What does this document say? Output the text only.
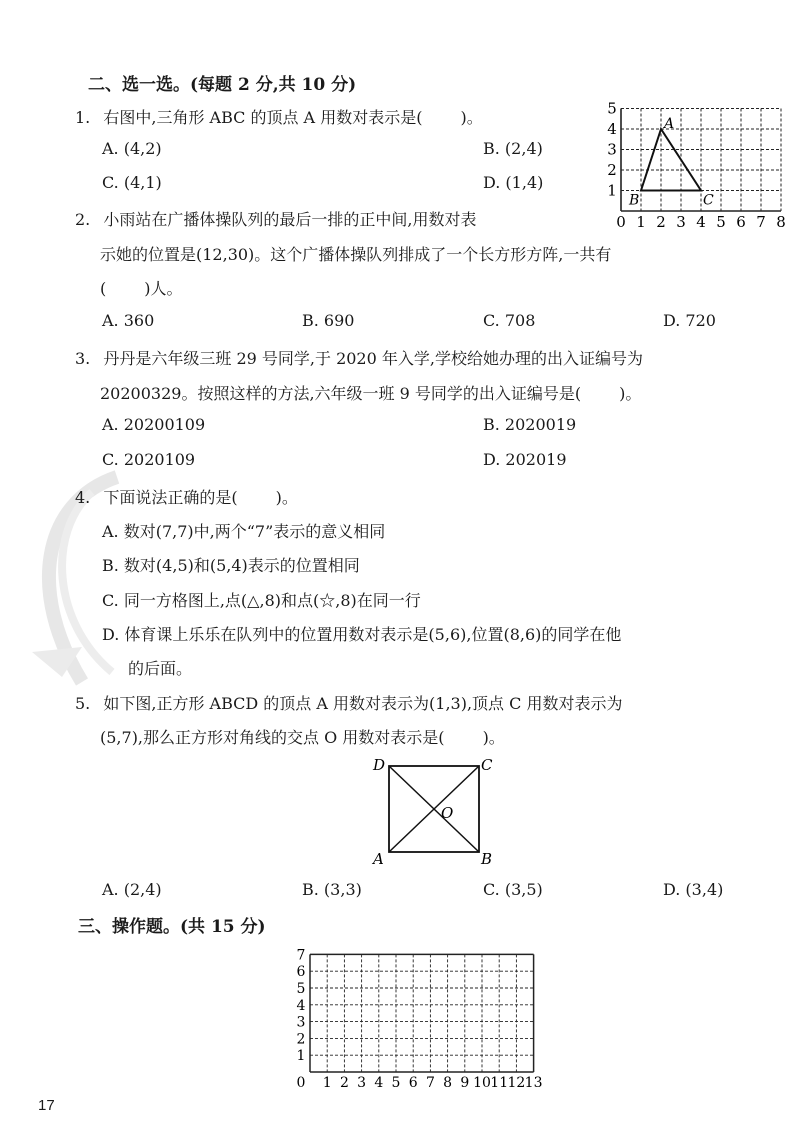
二、选一选。(每题 2 分,共 10 分)
1. 右图中,三角形 ABC 的顶点 A 用数对表示是( )。
A. (4,2)	B. (2,4)
C. (4,1)	D. (1,4)
A
B	C
0 1 2 3 4 5 6 7 8
1
2
3
4
5
2. 小雨站在广播体操队列的最后一排的正中间,用数对表
示她的位置是(12,30)。这个广播体操队列排成了一个长方形方阵,一共有
( )人。
A. 360	B. 690	C. 708	D. 720
3. 丹丹是六年级三班 29 号同学,于 2020 年入学,学校给她办理的出入证编号为
20200329。按照这样的方法,六年级一班 9 号同学的出入证编号是( )。
A. 20200109	B. 2020019
C. 2020109	D. 202019
4. 下面说法正确的是( )。
A. 数对(7,7)中,两个“7”表示的意义相同
B. 数对(4,5)和(5,4)表示的位置相同
C. 同一方格图上,点(△,8)和点(☆,8)在同一行
D. 体育课上乐乐在队列中的位置用数对表示是(5,6),位置(8,6)的同学在他
的后面。
5. 如下图,正方形 ABCD 的顶点 A 用数对表示为(1,3),顶点 C 用数对表示为
(5,7),那么正方形对角线的交点 O 用数对表示是( )。
D	C
A	B
O
A. (2,4)	B. (3,3)	C. (3,5)	D. (3,4)
三、操作题。(共 15 分)
0 1 2 3 4 5 6 7 8 9 10 11 12 13
1
2
3
4
5
6
7
17
